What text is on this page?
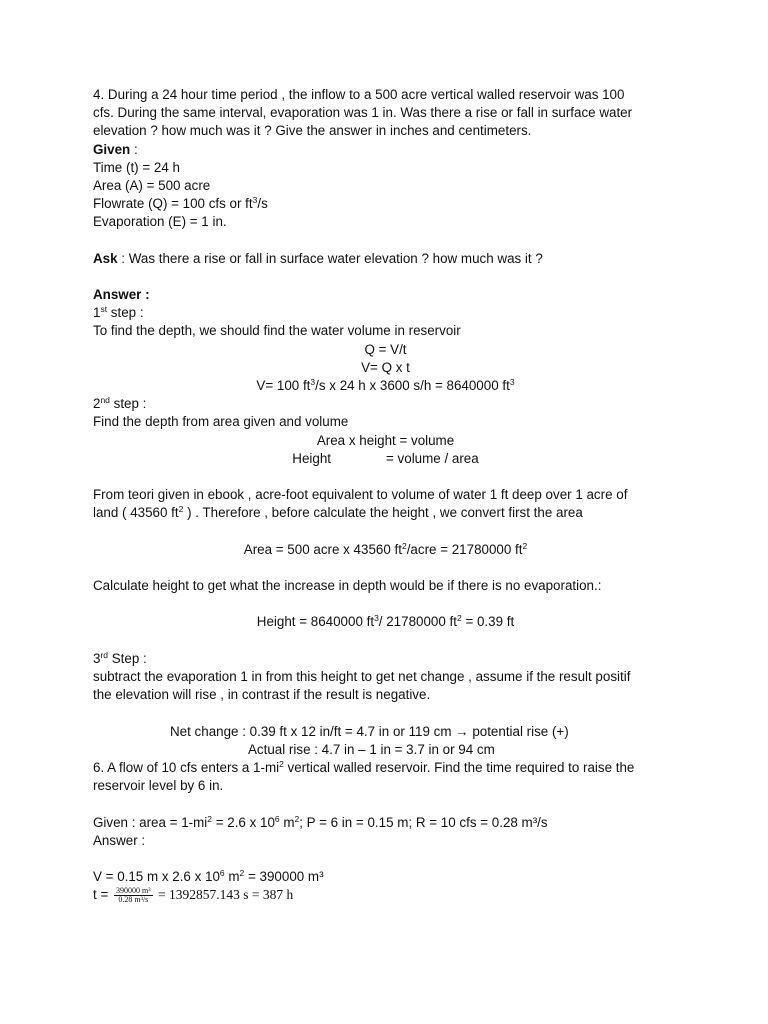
4. During a 24 hour time period , the inflow to a 500 acre vertical walled reservoir was 100
cfs. During the same interval, evaporation was 1 in. Was there a rise or fall in surface water
elevation ? how much was it ? Give the answer in inches and centimeters.
Given :
Time (t) = 24 h
Area (A) = 500 acre
Flowrate (Q) = 100 cfs or $ft^3/s$
Evaporation (E) = 1 in.
Ask : Was there a rise or fall in surface water elevation ? how much was it ?
Answer :
1st step :
To find the depth, we should find the water volume in reservoir
Q = V/t
V= Q x t
V= 100 $ft^3/s$ x 24 h x 3600 s/h = 8640000 $ft^3$
2nd step :
Find the depth from area given and volume
Area x height = volume
Height	= volume / area
From teori given in ebook , acre-foot equivalent to volume of water 1 ft deep over 1 acre of
land ( 43560 $ft^2$ ) . Therefore , before calculate the height , we convert first the area
Area = 500 acre x 43560 $ft^2$/acre = 21780000 $ft^2$
Calculate height to get what the increase in depth would be if there is no evaporation.:
Height = 8640000 $ft^3/$ 21780000 $ft^2 = 0.39$ ft
3rd Step :
subtract the evaporation 1 in from this height to get net change , assume if the result positif
the elevation will rise , in contrast if the result is negative.
Net change : 0.39 ft x 12 in/ft = 4.7 in or 119 cm → potential rise (+)
Actual rise : 4.7 in – 1 in = 3.7 in or 94 cm
6. A flow of 10 cfs enters a $1-mi^2$ vertical walled reservoir. Find the time required to raise the
reservoir level by 6 in.
Given : area = $1-mi^2 = 2.6$ x $10^6$ $m^2$; P = 6 in = 0.15 m; R = 10 cfs = 0.28 m³/s
Answer :
V = 0.15 m x 2.6 x $10^6$ $m^2 = 390000$ m³
$t = \frac{\text{390000 m³}}{\text{0.28 m³/s}} = 1392857.143$ s = 387 h
